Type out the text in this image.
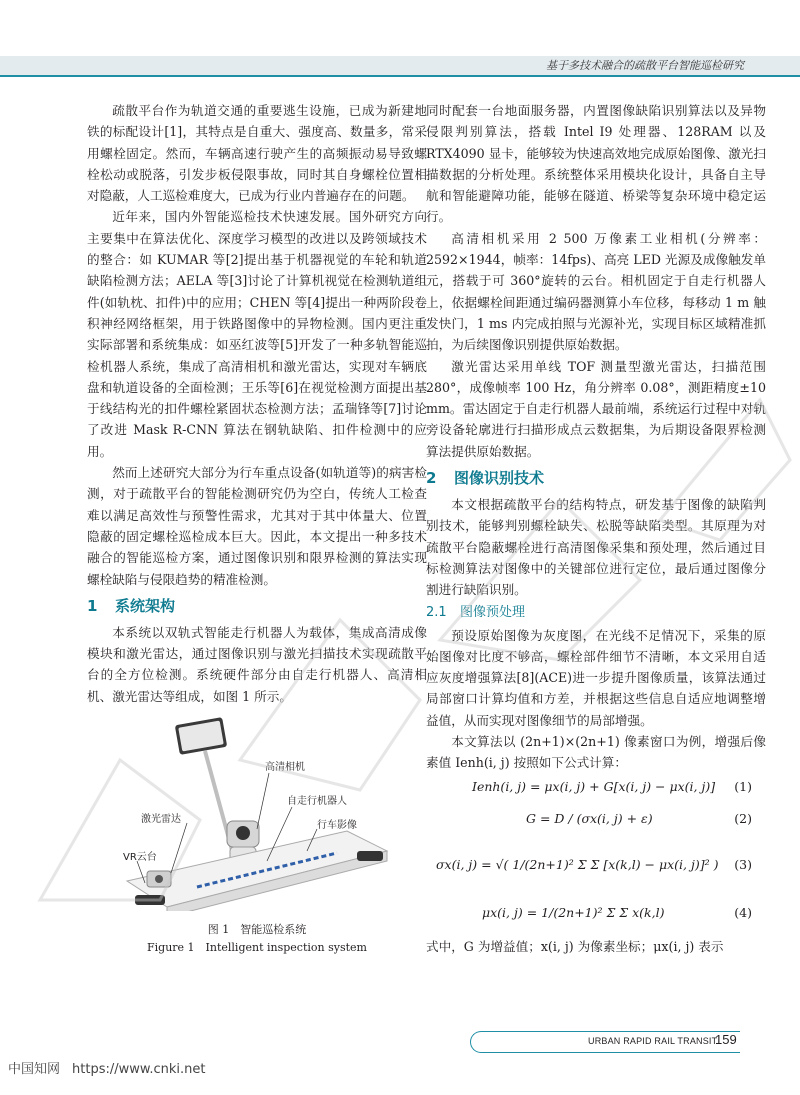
基于多技术融合的疏散平台智能巡检研究

疏散平台作为轨道交通的重要逃生设施，已成为新建地铁的标配设计[1]，其特点是自重大、强度高、数量多，常采用螺栓固定。然而，车辆高速行驶产生的高频振动易导致螺栓松动或脱落，引发步板侵限事故，同时其自身螺栓位置相对隐蔽，人工巡检难度大，已成为行业内普遍存在的问题。

近年来，国内外智能巡检技术快速发展。国外研究方向主要集中在算法优化、深度学习模型的改进以及跨领域技术的整合：如 KUMAR 等[2]提出基于机器视觉的车轮和轨道缺陷检测方法；AELA 等[3]讨论了计算机视觉在检测轨道组件(如轨枕、扣件)中的应用；CHEN 等[4]提出一种两阶段卷积神经网络框架，用于铁路图像中的异物检测。国内更注重实际部署和系统集成：如巫红波等[5]开发了一种多轨智能巡检机器人系统，集成了高清相机和激光雷达，实现对车辆底盘和轨道设备的全面检测；王乐等[6]在视觉检测方面提出基于线结构光的扣件螺栓紧固状态检测方法；孟瑞锋等[7]讨论了改进 Mask R-CNN 算法在钢轨缺陷、扣件检测中的应用。

然而上述研究大部分为行车重点设备(如轨道等)的病害检测，对于疏散平台的智能检测研究仍为空白，传统人工检查难以满足高效性与预警性需求，尤其对于其中体量大、位置隐蔽的固定螺栓巡检成本巨大。因此，本文提出一种多技术融合的智能巡检方案，通过图像识别和限界检测的算法实现螺栓缺陷与侵限趋势的精准检测。

1 系统架构

本系统以双轨式智能走行机器人为载体，集成高清成像模块和激光雷达，通过图像识别与激光扫描技术实现疏散平台的全方位检测。系统硬件部分由自走行机器人、高清相机、激光雷达等组成，如图 1 所示。

高清相机
自走行机器人
激光雷达
行车影像
VR云台
图 1　智能巡检系统
Figure 1　Intelligent inspection system

同时配套一台地面服务器，内置图像缺陷识别算法以及异物侵限判别算法，搭载 Intel I9 处理器、128RAM 以及 RTX4090 显卡，能够较为快速高效地完成原始图像、激光扫描数据的分析处理。系统整体采用模块化设计，具备自主导航和智能避障功能，能够在隧道、桥梁等复杂环境中稳定运行。

高清相机采用 2 500 万像素工业相机(分辨率：2592×1944，帧率：14fps)、高亮 LED 光源及成像触发单元，搭载于可 360°旋转的云台。相机固定于自走行机器人上，依据螺栓间距通过编码器测算小车位移，每移动 1 m 触发快门，1 ms 内完成拍照与光源补光，实现目标区域精准抓拍，为后续图像识别提供原始数据。

激光雷达采用单线 TOF 测量型激光雷达，扫描范围 280°，成像帧率 100 Hz，角分辨率 0.08°，测距精度±10 mm。雷达固定于自走行机器人最前端，系统运行过程中对轨旁设备轮廓进行扫描形成点云数据集，为后期设备限界检测算法提供原始数据。

2 图像识别技术

本文根据疏散平台的结构特点，研发基于图像的缺陷判别技术，能够判别螺栓缺失、松脱等缺陷类型。其原理为对疏散平台隐蔽螺栓进行高清图像采集和预处理，然后通过目标检测算法对图像中的关键部位进行定位，最后通过图像分割进行缺陷识别。

2.1 图像预处理

预设原始图像为灰度图，在光线不足情况下，采集的原始图像对比度不够高，螺栓部件细节不清晰，本文采用自适应灰度增强算法[8](ACE)进一步提升图像质量，该算法通过局部窗口计算均值和方差，并根据这些信息自适应地调整增益值，从而实现对图像细节的局部增强。

本文算法以 (2n+1)×(2n+1) 像素窗口为例，增强后像素值 Ienh(i, j) 按照如下公式计算：

Ienh(i, j) = μx(i, j) + G[x(i, j) − μx(i, j)] (1)
G = D / (σx(i, j) + ε)	(2)
σx(i, j) = √( 1/(2n+1)² Σ Σ [x(k,l) − μx(i, j)]² ) (3)
μx(i, j) = 1/(2n+1)² Σ Σ x(k,l)	(4)

式中，G 为增益值；x(i, j) 为像素坐标；μx(i, j) 表示

URBAN RAPID RAIL TRANSIT
159
中国知网 https://www.cnki.net
